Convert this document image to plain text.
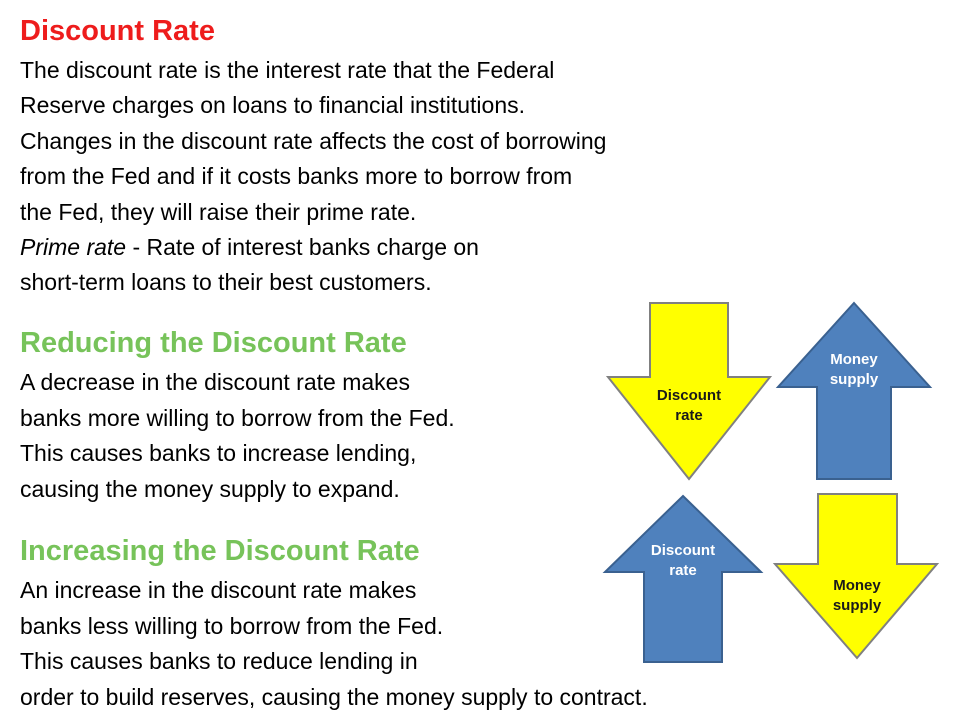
Discount Rate

The discount rate is the interest rate that the Federal

Reserve charges on loans to financial institutions.

Changes in the discount rate affects the cost of borrowing

from the Fed and if it costs banks more to borrow from

the Fed, they will raise their prime rate.

Prime rate - Rate of interest banks charge on

short-term loans to their best customers.

Reducing the Discount Rate

A decrease in the discount rate makes

banks more willing to borrow from the Fed.

This causes banks to increase lending,

causing the money supply to expand.

Increasing the Discount Rate

An increase in the discount rate makes

banks less willing to borrow from the Fed.

This causes banks to reduce lending in

order to build reserves, causing the money supply to contract.

Discount
rate
Money
supply
Discount
rate
Money
supply
